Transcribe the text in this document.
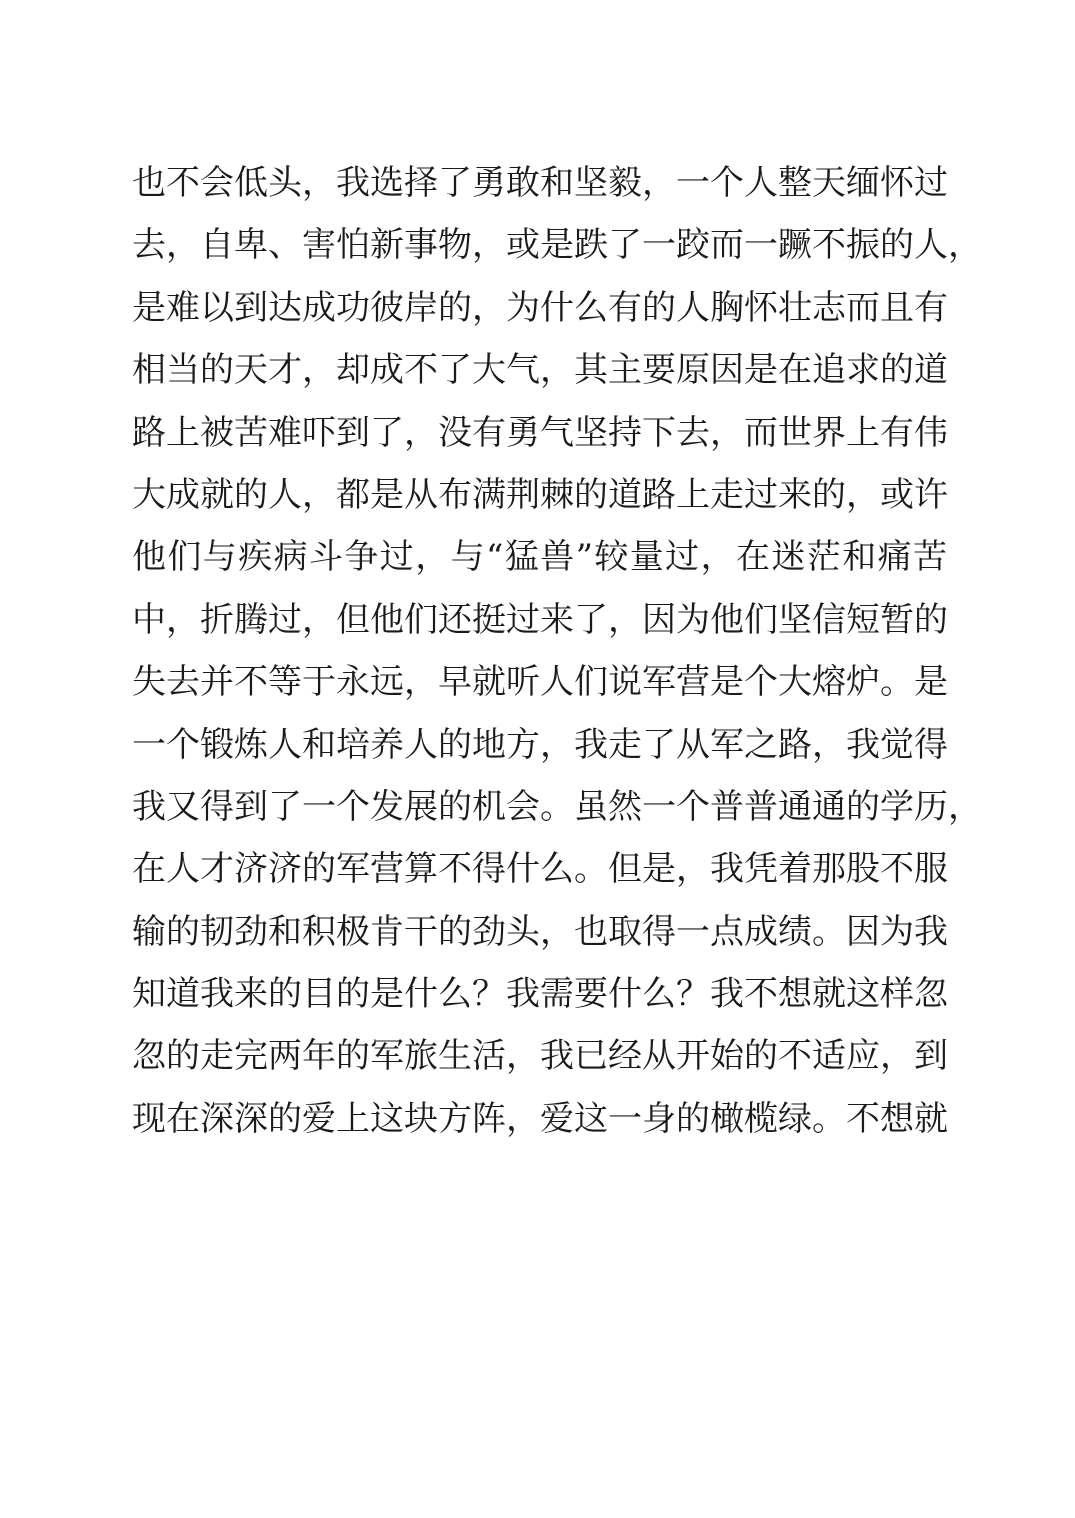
也不会低头，我选择了勇敢和坚毅，一个人整天缅怀过
去，自卑、害怕新事物，或是跌了一跤而一蹶不振的人，
是难以到达成功彼岸的，为什么有的人胸怀壮志而且有
相当的天才，却成不了大气，其主要原因是在追求的道
路上被苦难吓到了，没有勇气坚持下去，而世界上有伟
大成就的人，都是从布满荆棘的道路上走过来的，或许
他们与疾病斗争过，与“猛兽”较量过，在迷茫和痛苦
中，折腾过，但他们还挺过来了，因为他们坚信短暂的
失去并不等于永远，早就听人们说军营是个大熔炉。是
一个锻炼人和培养人的地方，我走了从军之路，我觉得
我又得到了一个发展的机会。虽然一个普普通通的学历，
在人才济济的军营算不得什么。但是，我凭着那股不服
输的韧劲和积极肯干的劲头，也取得一点成绩。因为我
知道我来的目的是什么？我需要什么？我不想就这样忽
忽的走完两年的军旅生活，我已经从开始的不适应，到
现在深深的爱上这块方阵，爱这一身的橄榄绿。不想就
